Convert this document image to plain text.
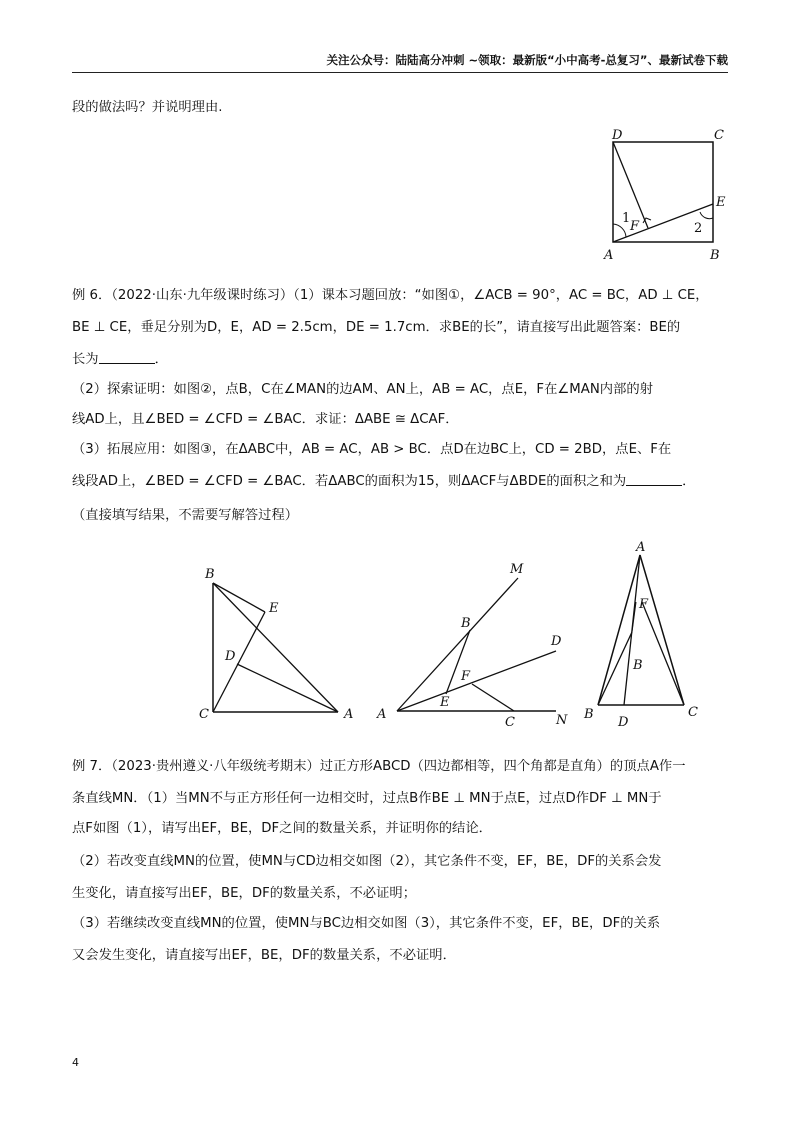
关注公众号：陆陆高分冲刺 ~领取：最新版“小中高考-总复习”、最新试卷下载
段的做法吗？并说明理由.
D	C
E
F
1
2
A	B
例 6．（2022·山东·九年级课时练习）（1）课本习题回放：“如图①，∠ACB = 90°，AC = BC，AD ⊥ CE，
BE ⊥ CE，垂足分别为D，E，AD = 2.5cm，DE = 1.7cm．求BE的长”，请直接写出此题答案：BE的
长为	．
（2）探索证明：如图②，点B，C在∠MAN的边AM、AN上，AB = AC，点E，F在∠MAN内部的射
线AD上，且∠BED = ∠CFD = ∠BAC．求证：ΔABE ≅ ΔCAF．
（3）拓展应用：如图③，在ΔABC中，AB = AC，AB > BC．点D在边BC上，CD = 2BD，点E、F在
线段AD上，∠BED = ∠CFD = ∠BAC．若ΔABC的面积为15，则ΔACF与ΔBDE的面积之和为	．
（直接填写结果，不需要写解答过程）
B
E
D
C	A
M
B
D
F
A
E
C	N
A
F
B
B
D
C
例 7．（2023·贵州遵义·八年级统考期末）过正方形ABCD（四边都相等，四个角都是直角）的顶点A作一
条直线MN．（1）当MN不与正方形任何一边相交时，过点B作BE ⊥ MN于点E，过点D作DF ⊥ MN于
点F如图（1），请写出EF，BE，DF之间的数量关系，并证明你的结论．
（2）若改变直线MN的位置，使MN与CD边相交如图（2），其它条件不变，EF，BE，DF的关系会发
生变化，请直接写出EF，BE，DF的数量关系，不必证明；
（3）若继续改变直线MN的位置，使MN与BC边相交如图（3），其它条件不变，EF，BE，DF的关系
又会发生变化，请直接写出EF，BE，DF的数量关系，不必证明．
4
